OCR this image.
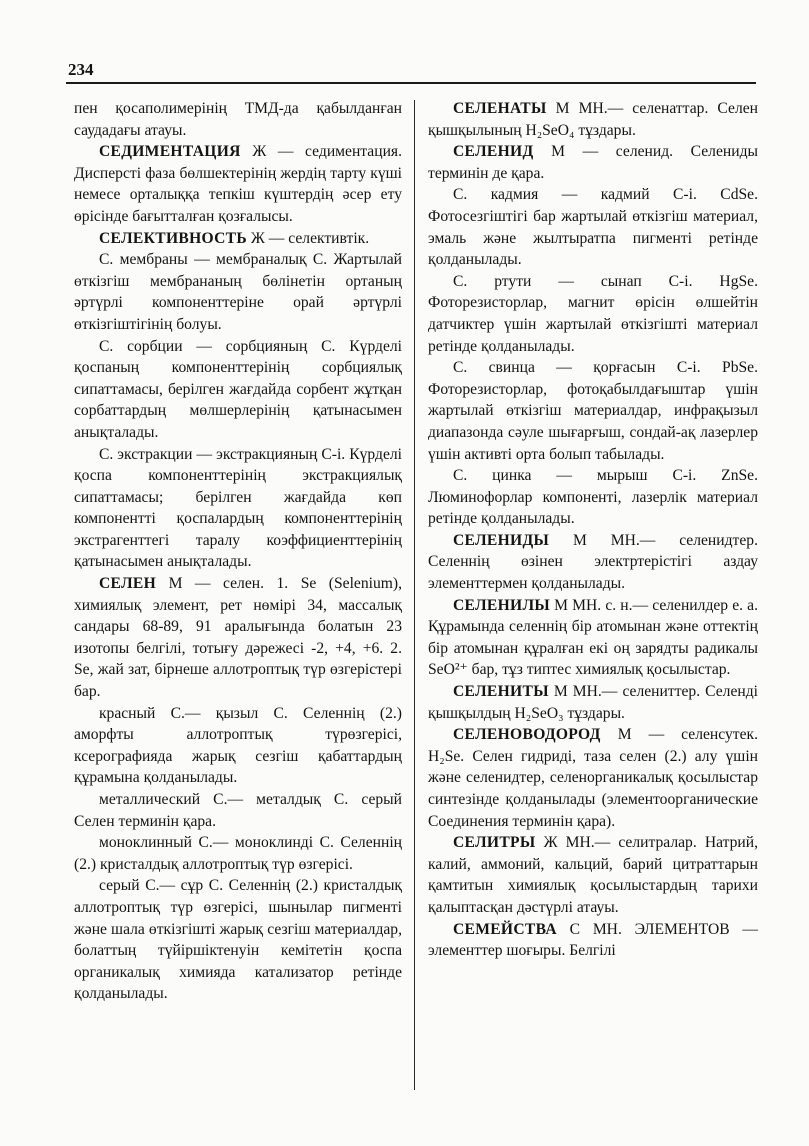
234

пен қосаполимерінің ТМД-да қабылданған саудадағы атауы.

СЕДИМЕНТАЦИЯ Ж — седиментация. Дисперсті фаза бөлшектерінің жердің тарту күші немесе орталыққа тепкіш күштердің әсер ету өрісінде бағытталған қозғалысы.

СЕЛЕКТИВНОСТЬ Ж — селективтік.

С. мембраны — мембраналық С. Жартылай өткізгіш мембрананың бөлінетін ортаның әртүрлі компоненттеріне орай әртүрлі өткізгіштігінің болуы.

С. сорбции — сорбцияның С. Күрделі қоспаның компоненттерінің сорбциялық сипаттамасы, берілген жағдайда сорбент жұтқан сорбаттардың мөлшерлерінің қатынасымен анықталады.

С. экстракции — экстракцияның С-і. Күрделі қоспа компоненттерінің экстракциялық сипаттамасы; берілген жағдайда көп компонентті қоспалардың компоненттерінің экстрагенттегі таралу коэффициенттерінің қатынасымен анықталады.

СЕЛЕН М — селен. 1. Se (Selenium), химиялық элемент, рет нөмірі 34, массалық сандары 68-89, 91 аралығында болатын 23 изотопы белгілі, тотығу дәрежесі -2, +4, +6. 2. Se, жай зат, бірнеше аллотроптық түр өзгерістері бар.

красный С.— қызыл С. Селеннің (2.) аморфты аллотроптық түрөзгерісі, ксерографияда жарық сезгіш қабаттардың құрамына қолданылады.

металлический С.— металдық С. серый Селен терминін қара.

моноклинный С.— моноклинді С. Селеннің (2.) кристалдық аллотроптық түр өзгерісі.

серый С.— сұр С. Селеннің (2.) кристалдық аллотроптық түр өзгерісі, шынылар пигменті және шала өткізгішті жарық сезгіш материалдар, болаттың түйіршіктенуін кемітетін қоспа органикалық химияда катализатор ретінде қолданылады.

СЕЛЕНАТЫ М МН.— селенаттар. Селен қышқылының H₂SeO₄ тұздары.

СЕЛЕНИД М — селенид. Селениды терминін де қара.

С. кадмия — кадмий С-і. CdSe. Фотосезгіштігі бар жартылай өткізгіш материал, эмаль және жылтыратпа пигменті ретінде қолданылады.

С. ртути — сынап С-і. HgSe. Фоторезисторлар, магнит өрісін өлшейтін датчиктер үшін жартылай өткізгішті материал ретінде қолданылады.

С. свинца — қорғасын С-і. PbSe. Фоторезисторлар, фотоқабылдағыштар үшін жартылай өткізгіш материалдар, инфрақызыл диапазонда сәуле шығарғыш, сондай-ақ лазерлер үшін активті орта болып табылады.

С. цинка — мырыш С-і. ZnSe. Люминофорлар компоненті, лазерлік материал ретінде қолданылады.

СЕЛЕНИДЫ М МН.— селенидтер. Селеннің өзінен электртерістігі аздау элементтермен қолданылады.

СЕЛЕНИЛЫ М МН. с. н.— селенилдер е. а. Құрамында селеннің бір атомынан және оттектің бір атомынан құралған екі оң зарядты радикалы SeO²⁺ бар, тұз типтес химиялық қосылыстар.

СЕЛЕНИТЫ М МН.— селениттер. Селенді қышқылдың H₂SeO₃ тұздары.

СЕЛЕНОВОДОРОД М — селенсутек. H₂Se. Селен гидриді, таза селен (2.) алу үшін және селенидтер, селенорганикалық қосылыстар синтезінде қолданылады (элементоорганические Соединения терминін қара).

СЕЛИТРЫ Ж МН.— селитралар. Натрий, калий, аммоний, кальций, барий цитраттарын қамтитын химиялық қосылыстардың тарихи қалыптасқан дәстүрлі атауы.

СЕМЕЙСТВА С МН. ЭЛЕМЕНТОВ — элементтер шоғыры. Белгілі
